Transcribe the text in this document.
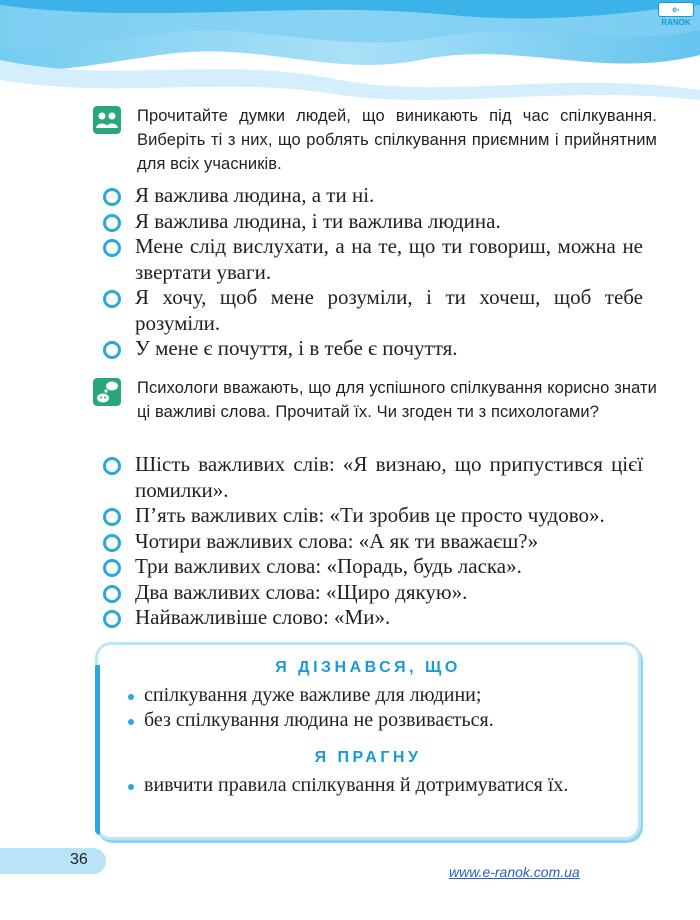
e-RANOK
Прочитайте думки людей, що виникають під час спілкування. Виберіть ті з них, що роблять спілкування приємним і прийнятним для всіх учасників.
Я важлива людина, а ти ні.
Я важлива людина, і ти важлива людина.
Мене слід вислухати, а на те, що ти говориш, можна не звертати уваги.
Я хочу, щоб мене розуміли, і ти хочеш, щоб тебе розуміли.
У мене є почуття, і в тебе є почуття.
Психологи вважають, що для успішного спілкування корисно знати ці важливі слова. Прочитай їх. Чи згоден ти з психологами?
Шість важливих слів: «Я визнаю, що припустився цієї помилки».
П’ять важливих слів: «Ти зробив це просто чудово».
Чотири важливих слова: «А як ти вважаєш?»
Три важливих слова: «Порадь, будь ласка».
Два важливих слова: «Щиро дякую».
Найважливіше слово: «Ми».
Я ДІЗНАВСЯ, ЩО
спілкування дуже важливе для людини;
без спілкування людина не розвивається.
Я ПРАГНУ
вивчити правила спілкування й дотримуватися їх.
36
www.e-ranok.com.ua
